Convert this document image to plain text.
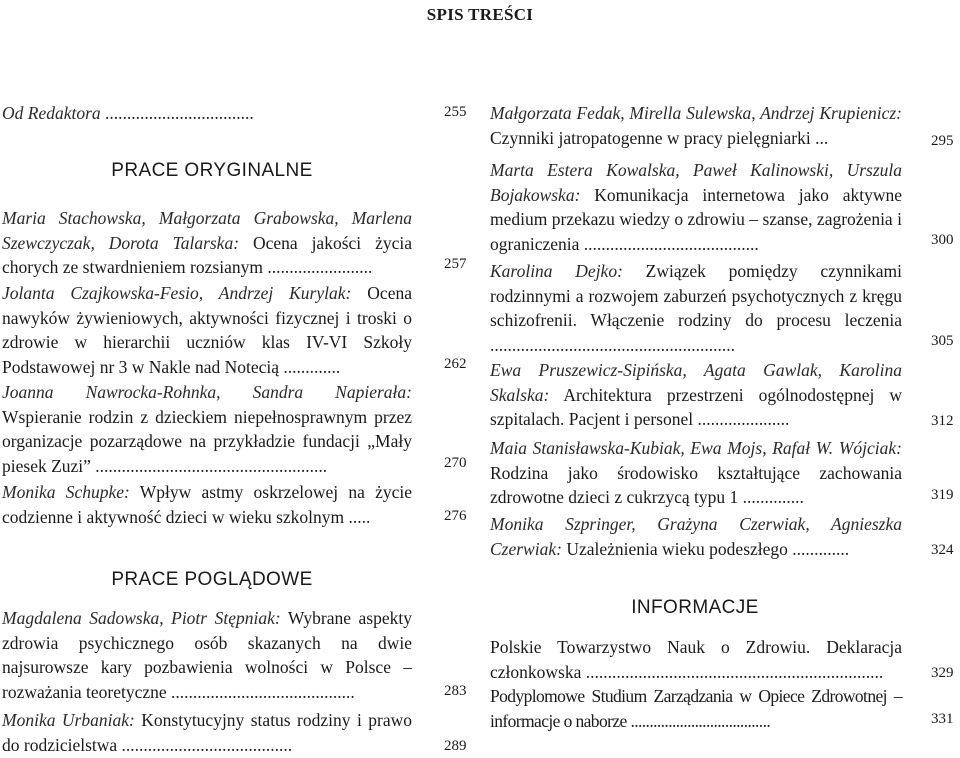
SPIS TREŚCI
Od Redaktora ..................................	255
PRACE ORYGINALNE
Maria Stachowska, Małgorzata Grabowska, Marlena Szewczyczak, Dorota Talarska: Ocena jakości życia chorych ze stwardnieniem rozsianym ........................	257
Jolanta Czajkowska-Fesio, Andrzej Kurylak: Ocena nawyków żywieniowych, aktywności fizycznej i troski o zdrowie w hierarchii uczniów klas IV-VI Szkoły Podstawowej nr 3 w Nakle nad Notecią .............	262
Joanna Nawrocka-Rohnka, Sandra Napierała: Wspieranie rodzin z dzieckiem niepełnosprawnym przez organizacje pozarządowe na przykładzie fundacji „Mały piesek Zuzi” .....................................................	270
Monika Schupke: Wpływ astmy oskrzelowej na życie codzienne i aktywność dzieci w wieku szkolnym .....	276
PRACE POGLĄDOWE
Magdalena Sadowska, Piotr Stępniak: Wybrane aspekty zdrowia psychicznego osób skazanych na dwie najsurowsze kary pozbawienia wolności w Polsce – rozważania teoretyczne ..........................................	283
Monika Urbaniak: Konstytucyjny status rodziny i prawo do rodzicielstwa .......................................	289
Małgorzata Fedak, Mirella Sulewska, Andrzej Krupienicz: Czynniki jatropatogenne w pracy pielęgniarki ...	295
Marta Estera Kowalska, Paweł Kalinowski, Urszula Bojakowska: Komunikacja internetowa jako aktywne medium przekazu wiedzy o zdrowiu – szanse, zagrożenia i ograniczenia ........................................	300
Karolina Dejko: Związek pomiędzy czynnikami rodzinnymi a rozwojem zaburzeń psychotycznych z kręgu schizofrenii. Włączenie rodziny do procesu leczenia ........................................................	305
Ewa Pruszewicz-Sipińska, Agata Gawlak, Karolina Skalska: Architektura przestrzeni ogólnodostępnej w szpitalach. Pacjent i personel .....................	312
Maia Stanisławska-Kubiak, Ewa Mojs, Rafał W. Wójciak: Rodzina jako środowisko kształtujące zachowania zdrowotne dzieci z cukrzycą typu 1 ..............	319
Monika Szpringer, Grażyna Czerwiak, Agnieszka Czerwiak: Uzależnienia wieku podeszłego .............	324
INFORMACJE
Polskie Towarzystwo Nauk o Zdrowiu. Deklaracja członkowska ....................................................................	329
Podyplomowe Studium Zarządzania w Opiece Zdrowotnej – informacje o naborze .....................................	331
